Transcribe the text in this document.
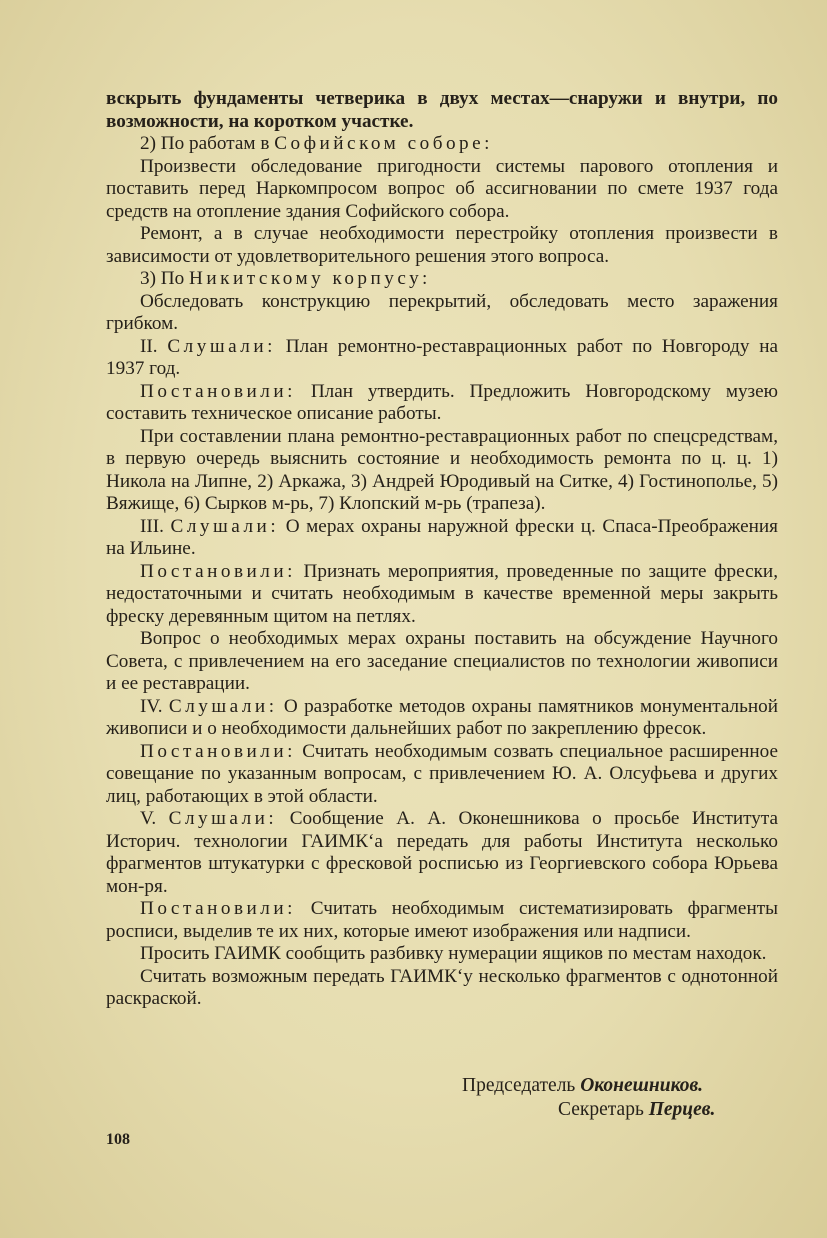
вскрыть фундаменты четверика в двух местах—снаружи и внутри, по возможности, на коротком участке.

2) По работам в Софийском соборе:

Произвести обследование пригодности системы парового отопления и поставить перед Наркомпросом вопрос об ассигновании по смете 1937 года средств на отопление здания Софийского собора.

Ремонт, а в случае необходимости перестройку отопления произвести в зависимости от удовлетворительного решения этого вопроса.

3) По Никитскому корпусу:

Обследовать конструкцию перекрытий, обследовать место заражения грибком.

II. Слушали: План ремонтно-реставрационных работ по Новгороду на 1937 год.

Постановили: План утвердить. Предложить Новгородскому музею составить техническое описание работы.

При составлении плана ремонтно-реставрационных работ по спецсредствам, в первую очередь выяснить состояние и необходимость ремонта по ц. ц. 1) Никола на Липне, 2) Аркажа, 3) Андрей Юродивый на Ситке, 4) Гостинополье, 5) Вяжище, 6) Сырков м-рь, 7) Клопский м-рь (трапеза).

III. Слушали: О мерах охраны наружной фрески ц. Спаса-Преображения на Ильине.

Постановили: Признать мероприятия, проведенные по защите фрески, недостаточными и считать необходимым в качестве временной меры закрыть фреску деревянным щитом на петлях.

Вопрос о необходимых мерах охраны поставить на обсуждение Научного Совета, с привлечением на его заседание специалистов по технологии живописи и ее реставрации.

IV. Слушали: О разработке методов охраны памятников монументальной живописи и о необходимости дальнейших работ по закреплению фресок.

Постановили: Считать необходимым созвать специальное расширенное совещание по указанным вопросам, с привлечением Ю. А. Олсуфьева и других лиц, работающих в этой области.

V. Слушали: Сообщение А. А. Оконешникова о просьбе Института Историч. технологии ГАИМК‘а передать для работы Института несколько фрагментов штукатурки с фресковой росписью из Георгиевского собора Юрьева мон-ря.

Постановили: Считать необходимым систематизировать фрагменты росписи, выделив те их них, которые имеют изображения или надписи.

Просить ГАИМК сообщить разбивку нумерации ящиков по местам находок.

Считать возможным передать ГАИМК‘у несколько фрагментов с однотонной раскраской.

Председатель Оконешников.
Секретарь Перцев.
108
